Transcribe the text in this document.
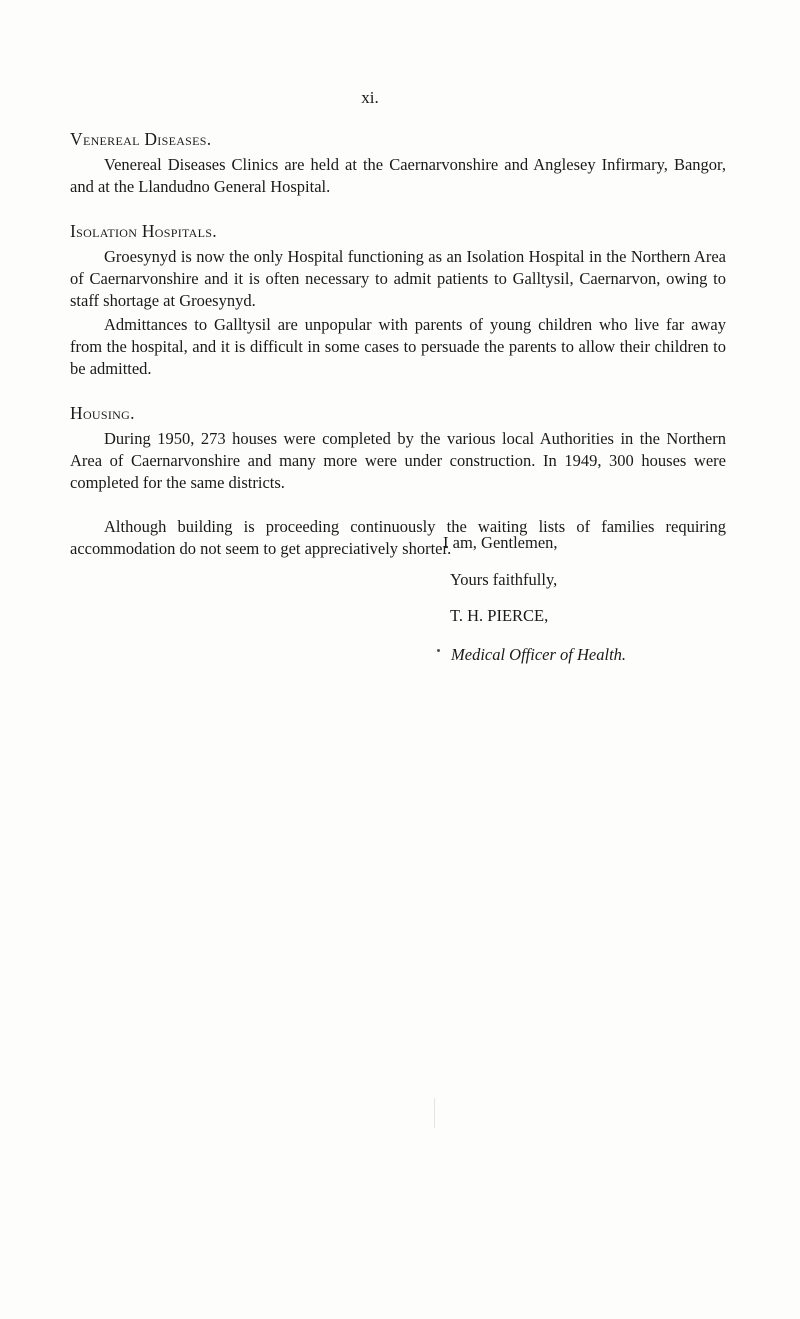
xi.
Venereal Diseases.

Venereal Diseases Clinics are held at the Caernarvonshire and Anglesey Infirmary, Bangor, and at the Llandudno General Hospital.

Isolation Hospitals.

Groesynyd is now the only Hospital functioning as an Isolation Hospital in the Northern Area of Caernarvonshire and it is often necessary to admit patients to Galltysil, Caernarvon, owing to staff shortage at Groesynyd.

Admittances to Galltysil are unpopular with parents of young children who live far away from the hospital, and it is difficult in some cases to persuade the parents to allow their children to be admitted.

Housing.

During 1950, 273 houses were completed by the various local Authorities in the Northern Area of Caernarvonshire and many more were under construction. In 1949, 300 houses were completed for the same districts.

Although building is proceeding continuously the waiting lists of families requiring accommodation do not seem to get appreciatively shorter.

I am, Gentlemen,
Yours faithfully,
T. H. PIERCE,
Medical Officer of Health.
